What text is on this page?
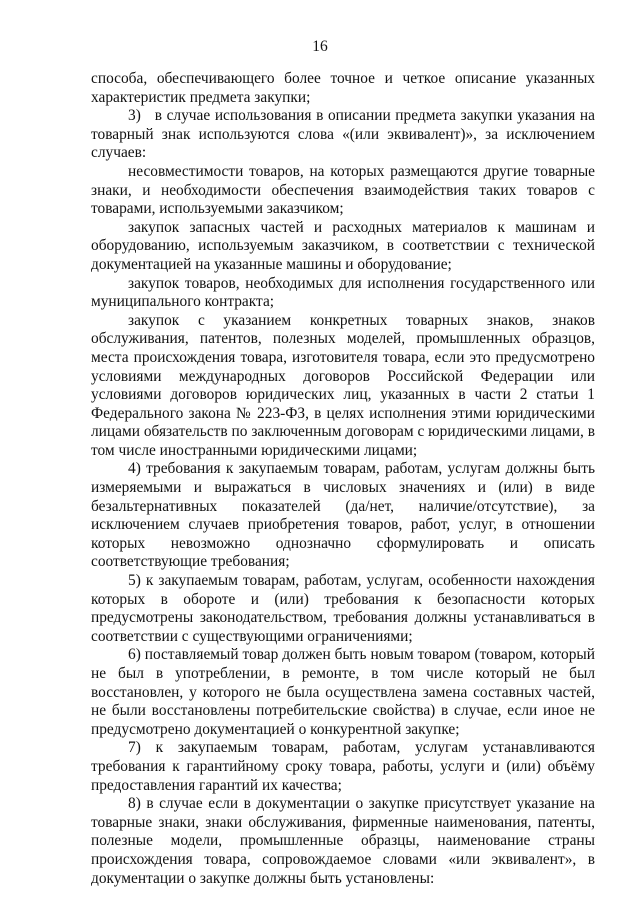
16

способа, обеспечивающего более точное и четкое описание указанных характеристик предмета закупки;

3)   в случае использования в описании предмета закупки указания на товарный знак используются слова «(или эквивалент)», за исключением случаев:

несовместимости товаров, на которых размещаются другие товарные знаки, и необходимости обеспечения взаимодействия таких товаров с товарами, используемыми заказчиком;

закупок запасных частей и расходных материалов к машинам и оборудованию, используемым заказчиком, в соответствии с технической документацией на указанные машины и оборудование;

закупок товаров, необходимых для исполнения государственного или муниципального контракта;

закупок с указанием конкретных товарных знаков, знаков обслуживания, патентов, полезных моделей, промышленных образцов, места происхождения товара, изготовителя товара, если это предусмотрено условиями международных договоров Российской Федерации или условиями договоров юридических лиц, указанных в части 2 статьи 1 Федерального закона № 223-ФЗ, в целях исполнения этими юридическими лицами обязательств по заключенным договорам с юридическими лицами, в том числе иностранными юридическими лицами;

4) требования к закупаемым товарам, работам, услугам должны быть измеряемыми и выражаться в числовых значениях и (или) в виде безальтернативных показателей (да/нет, наличие/отсутствие), за исключением случаев приобретения товаров, работ, услуг, в отношении которых невозможно однозначно сформулировать и описать соответствующие требования;

5) к закупаемым товарам, работам, услугам, особенности нахождения которых в обороте и (или) требования к безопасности которых предусмотрены законодательством, требования должны устанавливаться в соответствии с существующими ограничениями;

6) поставляемый товар должен быть новым товаром (товаром, который не был в употреблении, в ремонте, в том числе который не был восстановлен, у которого не была осуществлена замена составных частей, не были восстановлены потребительские свойства) в случае, если иное не предусмотрено документацией о конкурентной закупке;

7) к закупаемым товарам, работам, услугам устанавливаются требования к гарантийному сроку товара, работы, услуги и (или) объёму предоставления гарантий их качества;

8) в случае если в документации о закупке присутствует указание на товарные знаки, знаки обслуживания, фирменные наименования, патенты, полезные модели, промышленные образцы, наименование страны происхождения товара, сопровождаемое словами «или эквивалент», в документации о закупке должны быть установлены:
